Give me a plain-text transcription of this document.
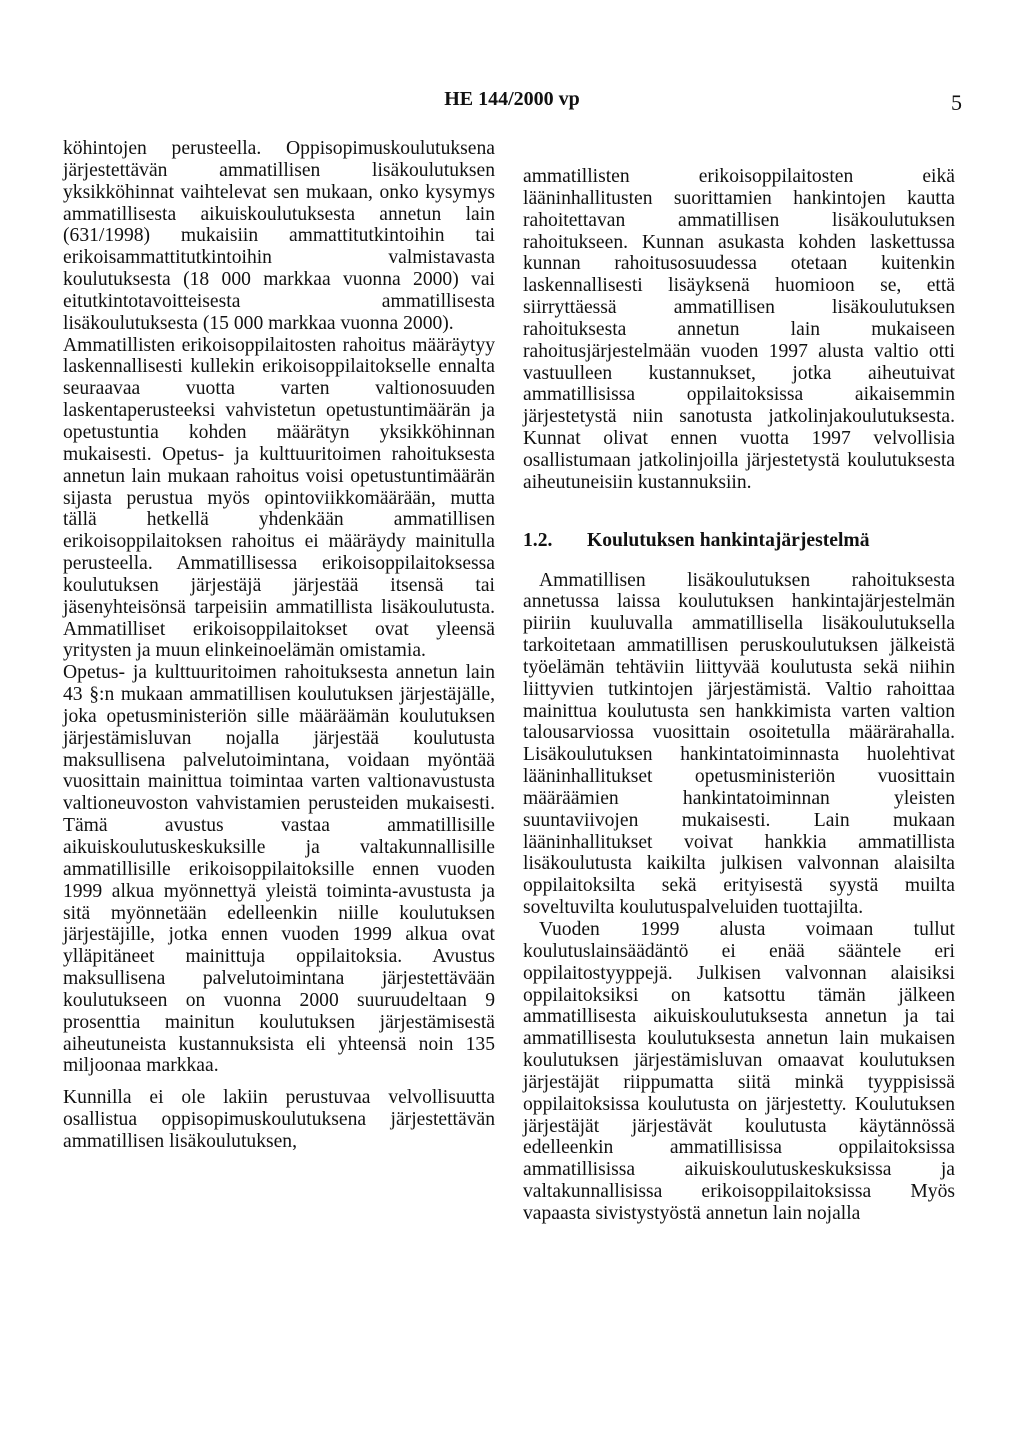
HE 144/2000 vp	5

köhintojen perusteella. Oppisopimuskoulutuksena järjestettävän ammatillisen lisäkoulutuksen yksikköhinnat vaihtelevat sen mukaan, onko kysymys ammatillisesta aikuiskoulutuksesta annetun lain (631/1998) mukaisiin ammattitutkintoihin tai erikoisammattitutkintoihin valmistavasta koulutuksesta (18 000 markkaa vuonna 2000) vai eitutkintotavoitteisesta ammatillisesta lisäkoulutuksesta (15 000 markkaa vuonna 2000).

Ammatillisten erikoisoppilaitosten rahoitus määräytyy laskennallisesti kullekin erikoisoppilaitokselle ennalta seuraavaa vuotta varten valtionosuuden laskentaperusteeksi vahvistetun opetustuntimäärän ja opetustuntia kohden määrätyn yksikköhinnan mukaisesti. Opetus- ja kulttuuritoimen rahoituksesta annetun lain mukaan rahoitus voisi opetustuntimäärän sijasta perustua myös opintoviikkomäärään, mutta tällä hetkellä yhdenkään ammatillisen erikoisoppilaitoksen rahoitus ei määräydy mainitulla perusteella. Ammatillisessa erikoisoppilaitoksessa koulutuksen järjestäjä järjestää itsensä tai jäsenyhteisönsä tarpeisiin ammatillista lisäkoulutusta. Ammatilliset erikoisoppilaitokset ovat yleensä yritysten ja muun elinkeinoelämän omistamia.

Opetus- ja kulttuuritoimen rahoituksesta annetun lain 43 §:n mukaan ammatillisen koulutuksen järjestäjälle, joka opetusministeriön sille määräämän koulutuksen järjestämisluvan nojalla järjestää koulutusta maksullisena palvelutoimintana, voidaan myöntää vuosittain mainittua toimintaa varten valtionavustusta valtioneuvoston vahvistamien perusteiden mukaisesti. Tämä avustus vastaa ammatillisille aikuiskoulutuskeskuksille ja valtakunnallisille ammatillisille erikoisoppilaitoksille ennen vuoden 1999 alkua myönnettyä yleistä toiminta-avustusta ja sitä myönnetään edelleenkin niille koulutuksen järjestäjille, jotka ennen vuoden 1999 alkua ovat ylläpitäneet mainittuja oppilaitoksia. Avustus maksullisena palvelutoimintana järjestettävään koulutukseen on vuonna 2000 suuruudeltaan 9 prosenttia mainitun koulutuksen järjestämisestä aiheutuneista kustannuksista eli yhteensä noin 135 miljoonaa markkaa.

Kunnilla ei ole lakiin perustuvaa velvollisuutta osallistua oppisopimuskoulutuksena järjestettävän ammatillisen lisäkoulutuksen,

ammatillisten erikoisoppilaitosten eikä lääninhallitusten suorittamien hankintojen kautta rahoitettavan ammatillisen lisäkoulutuksen rahoitukseen. Kunnan asukasta kohden laskettussa kunnan rahoitusosuudessa otetaan kuitenkin laskennallisesti lisäyksenä huomioon se, että siirryttäessä ammatillisen lisäkoulutuksen rahoituksesta annetun lain mukaiseen rahoitusjärjestelmään vuoden 1997 alusta valtio otti vastuulleen kustannukset, jotka aiheutuivat ammatillisissa oppilaitoksissa aikaisemmin järjestetystä niin sanotusta jatkolinjakoulutuksesta. Kunnat olivat ennen vuotta 1997 velvollisia osallistumaan jatkolinjoilla järjestetystä koulutuksesta aiheutuneisiin kustannuksiin.

1.2.	Koulutuksen hankintajärjestelmä

Ammatillisen lisäkoulutuksen rahoituksesta annetussa laissa koulutuksen hankintajärjestelmän piiriin kuuluvalla ammatillisella lisäkoulutuksella tarkoitetaan ammatillisen peruskoulutuksen jälkeistä työelämän tehtäviin liittyvää koulutusta sekä niihin liittyvien tutkintojen järjestämistä. Valtio rahoittaa mainittua koulutusta sen hankkimista varten valtion talousarviossa vuosittain osoitetulla määrärahalla. Lisäkoulutuksen hankintatoiminnasta huolehtivat lääninhallitukset opetusministeriön vuosittain määräämien hankintatoiminnan yleisten suuntaviivojen mukaisesti. Lain mukaan lääninhallitukset voivat hankkia ammatillista lisäkoulutusta kaikilta julkisen valvonnan alaisilta oppilaitoksilta sekä erityisestä syystä muilta soveltuvilta koulutuspalveluiden tuottajilta.

Vuoden 1999 alusta voimaan tullut koulutuslainsäädäntö ei enää sääntele eri oppilaitostyyppejä. Julkisen valvonnan alaisiksi oppilaitoksiksi on katsottu tämän jälkeen ammatillisesta aikuiskoulutuksesta annetun ja tai ammatillisesta koulutuksesta annetun lain mukaisen koulutuksen järjestämisluvan omaavat koulutuksen järjestäjät riippumatta siitä minkä tyyppisissä oppilaitoksissa koulutusta on järjestetty. Koulutuksen järjestäjät järjestävät koulutusta käytännössä edelleenkin ammatillisissa oppilaitoksissa ammatillisissa aikuiskoulutuskeskuksissa ja valtakunnallisissa erikoisoppilaitoksissa Myös vapaasta sivistystyöstä annetun lain nojalla
